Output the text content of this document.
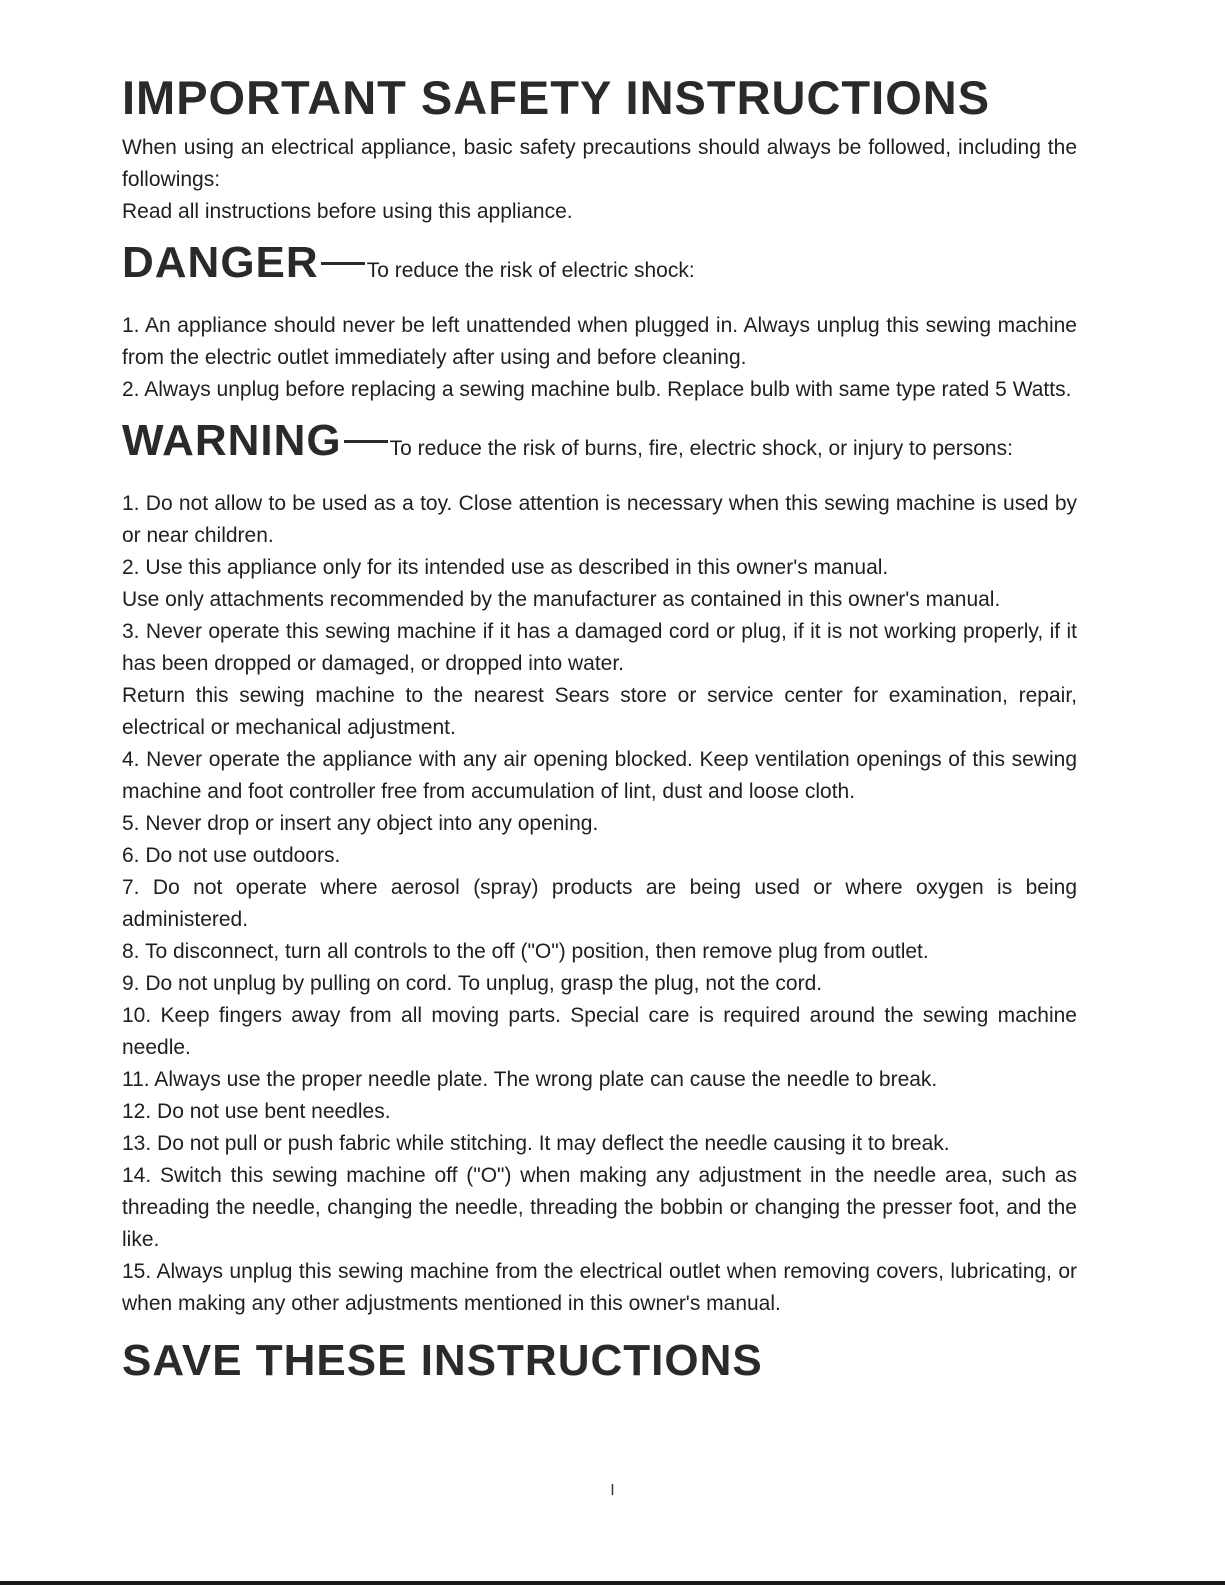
IMPORTANT SAFETY INSTRUCTIONS

When using an electrical appliance, basic safety precautions should always be followed, including the followings:

Read all instructions before using this appliance.

DANGER To reduce the risk of electric shock:
1. An appliance should never be left unattended when plugged in. Always unplug this sewing machine from the electric outlet immediately after using and before cleaning.
2. Always unplug before replacing a sewing machine bulb. Replace bulb with same type rated 5 Watts.
WARNING To reduce the risk of burns, fire, electric shock, or injury to persons:
1. Do not allow to be used as a toy. Close attention is necessary when this sewing machine is used by or near children.
2. Use this appliance only for its intended use as described in this owner's manual.
Use only attachments recommended by the manufacturer as contained in this owner's manual.
3. Never operate this sewing machine if it has a damaged cord or plug, if it is not working properly, if it has been dropped or damaged, or dropped into water.
Return this sewing machine to the nearest Sears store or service center for examination, repair, electrical or mechanical adjustment.
4. Never operate the appliance with any air opening blocked. Keep ventilation openings of this sewing machine and foot controller free from accumulation of lint, dust and loose cloth.
5. Never drop or insert any object into any opening.
6. Do not use outdoors.
7. Do not operate where aerosol (spray) products are being used or where oxygen is being administered.
8. To disconnect, turn all controls to the off ("O") position, then remove plug from outlet.
9. Do not unplug by pulling on cord. To unplug, grasp the plug, not the cord.
10. Keep fingers away from all moving parts. Special care is required around the sewing machine needle.
11. Always use the proper needle plate. The wrong plate can cause the needle to break.
12. Do not use bent needles.
13. Do not pull or push fabric while stitching. It may deflect the needle causing it to break.
14. Switch this sewing machine off ("O") when making any adjustment in the needle area, such as threading the needle, changing the needle, threading the bobbin or changing the presser foot, and the like.
15. Always unplug this sewing machine from the electrical outlet when removing covers, lubricating, or when making any other adjustments mentioned in this owner's manual.
SAVE THESE INSTRUCTIONS
I
